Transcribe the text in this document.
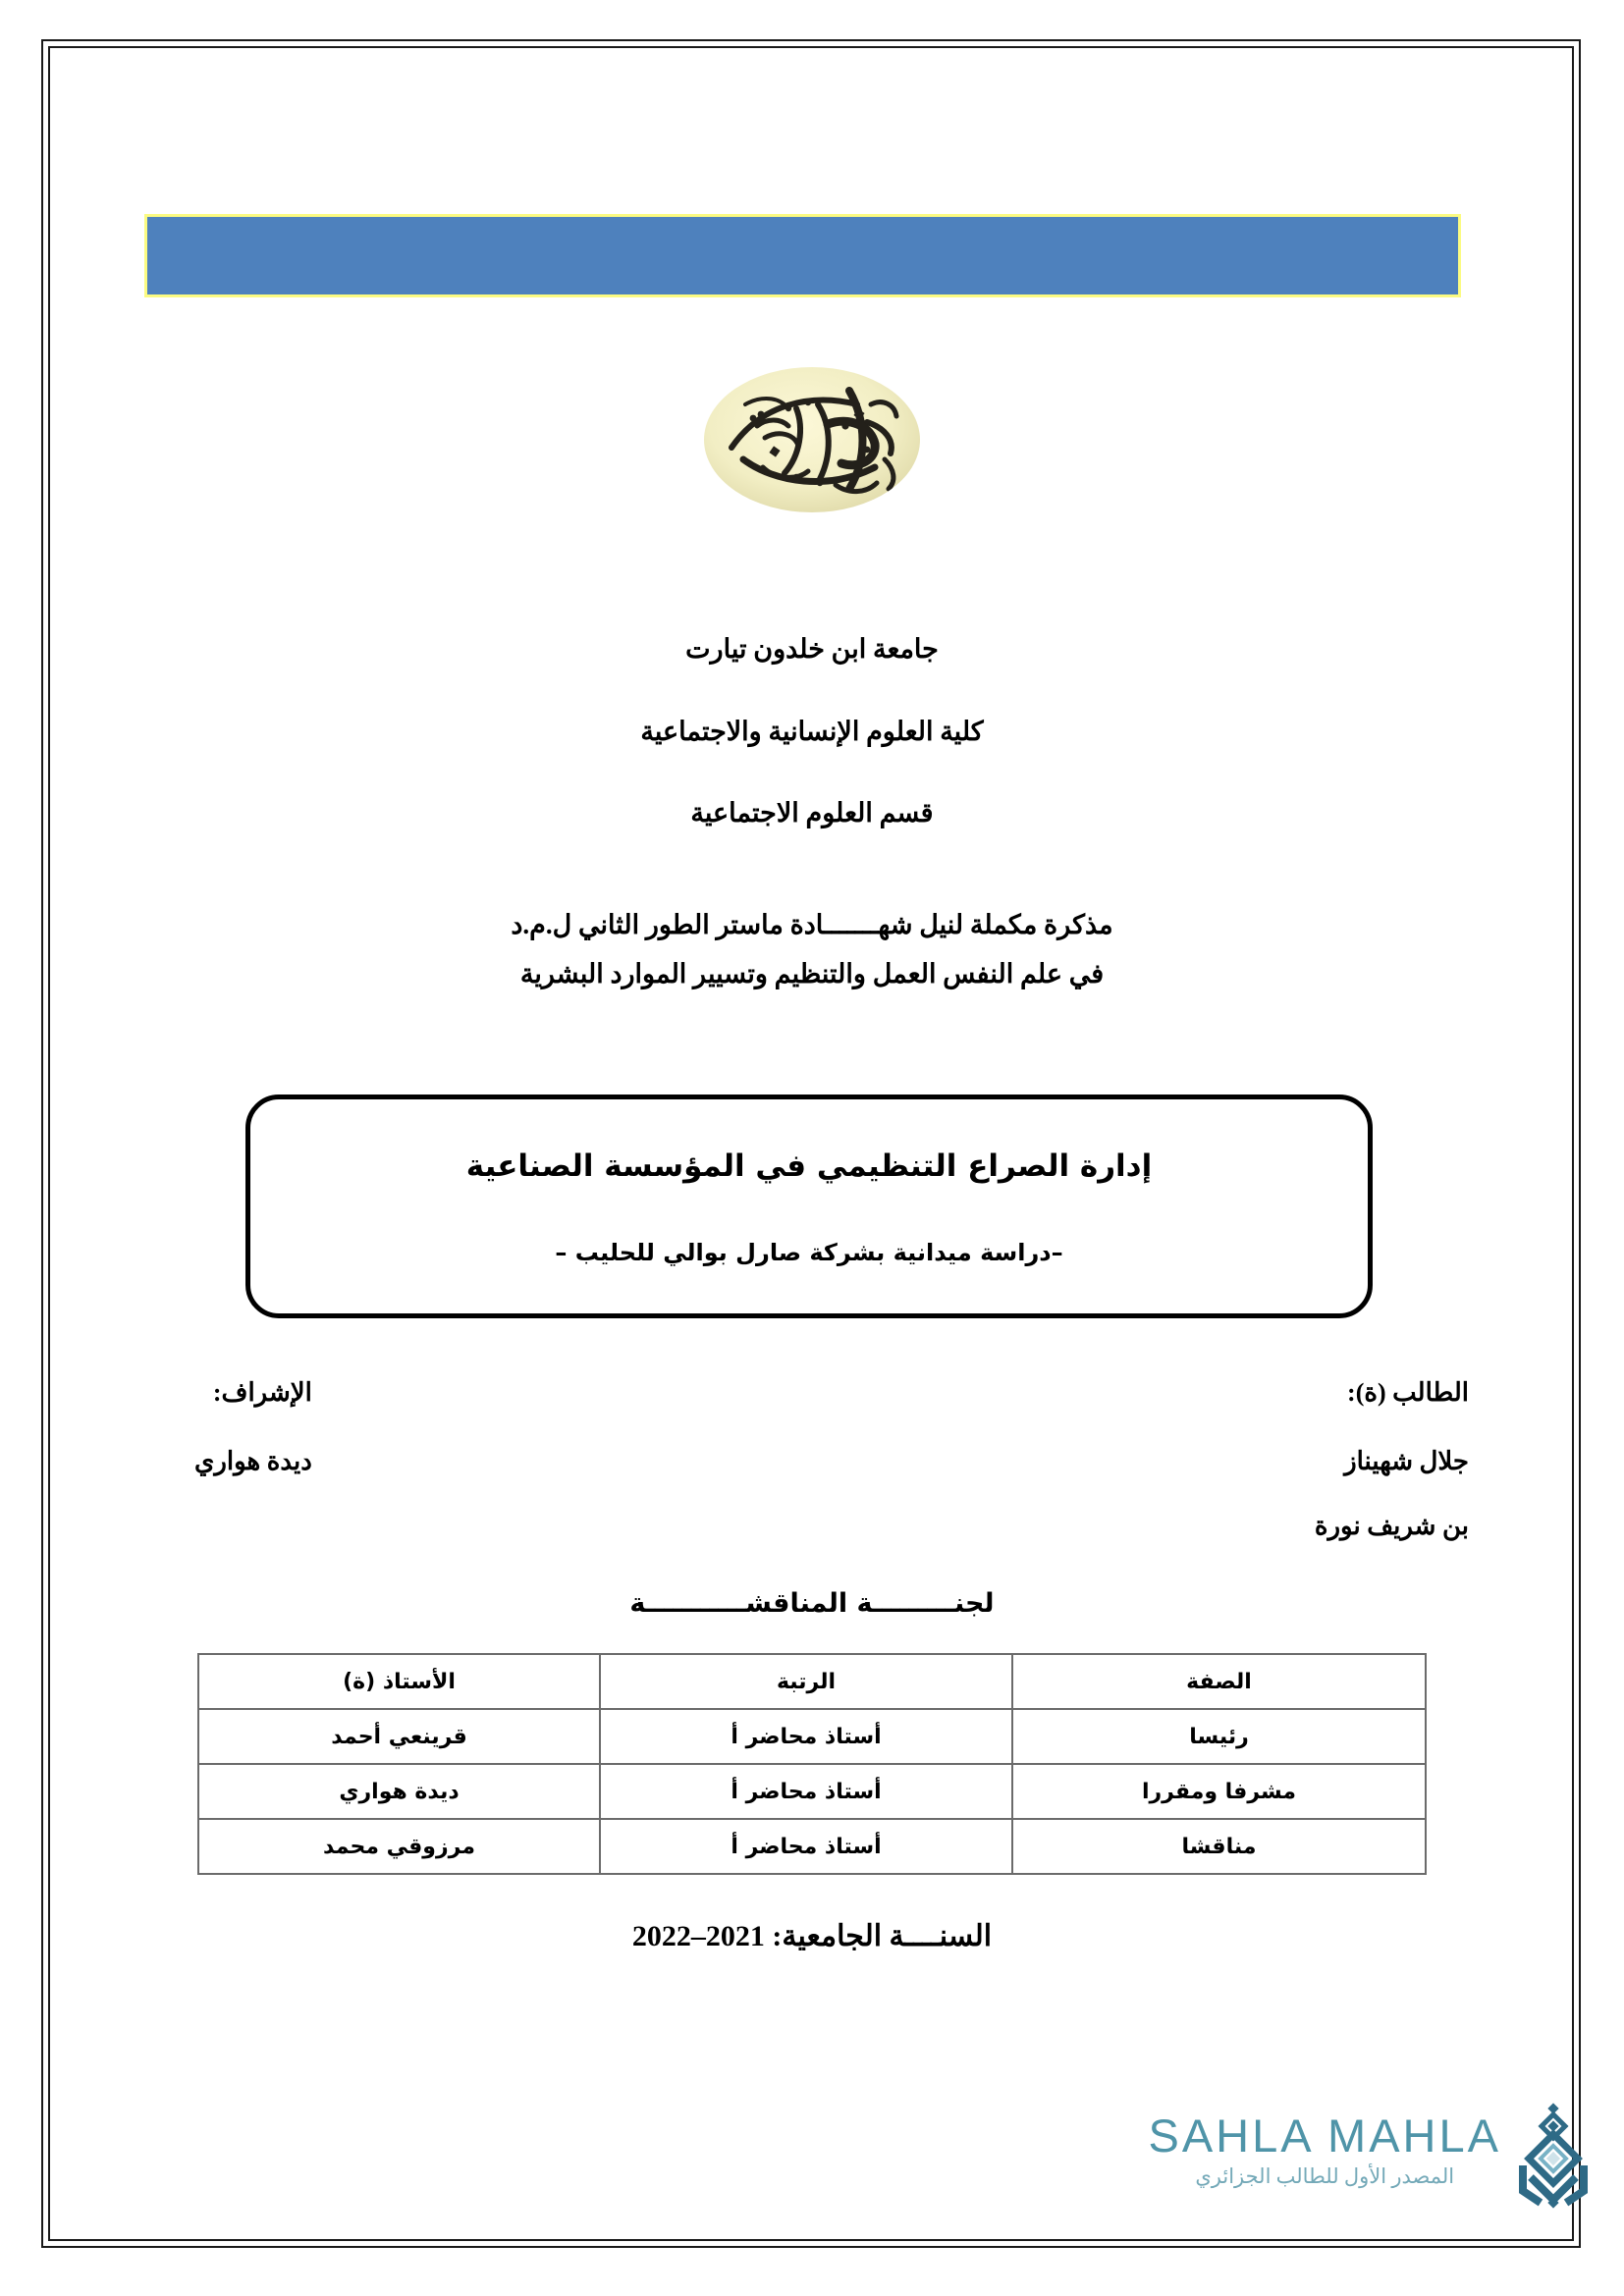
جامعة ابن خلدون تيارت
كلية العلوم الإنسانية والاجتماعية
قسم العلوم الاجتماعية
مذكرة مكملة لنيل شهـــــــادة ماستر الطور الثاني ل.م.د
في علم النفس العمل والتنظيم وتسيير الموارد البشرية
إدارة الصراع التنظيمي في المؤسسة الصناعية
–دراسة ميدانية بشركة صارل بوالي للحليب –
الطالب (ة):
جلال شهيناز
بن شريف نورة
الإشراف:
ديدة هواري
لجنـــــــــة المناقشـــــــــــة
الصفة	الرتبة	الأستاذ (ة)
رئيسا	أستاذ محاضر أ	قرينعي أحمد
مشرفا ومقررا	أستاذ محاضر أ	ديدة هواري
مناقشا	أستاذ محاضر أ	مرزوقي محمد
السنــــة الجامعية: 2021–2022
SAHLA MAHLA
المصدر الأول للطالب الجزائري
